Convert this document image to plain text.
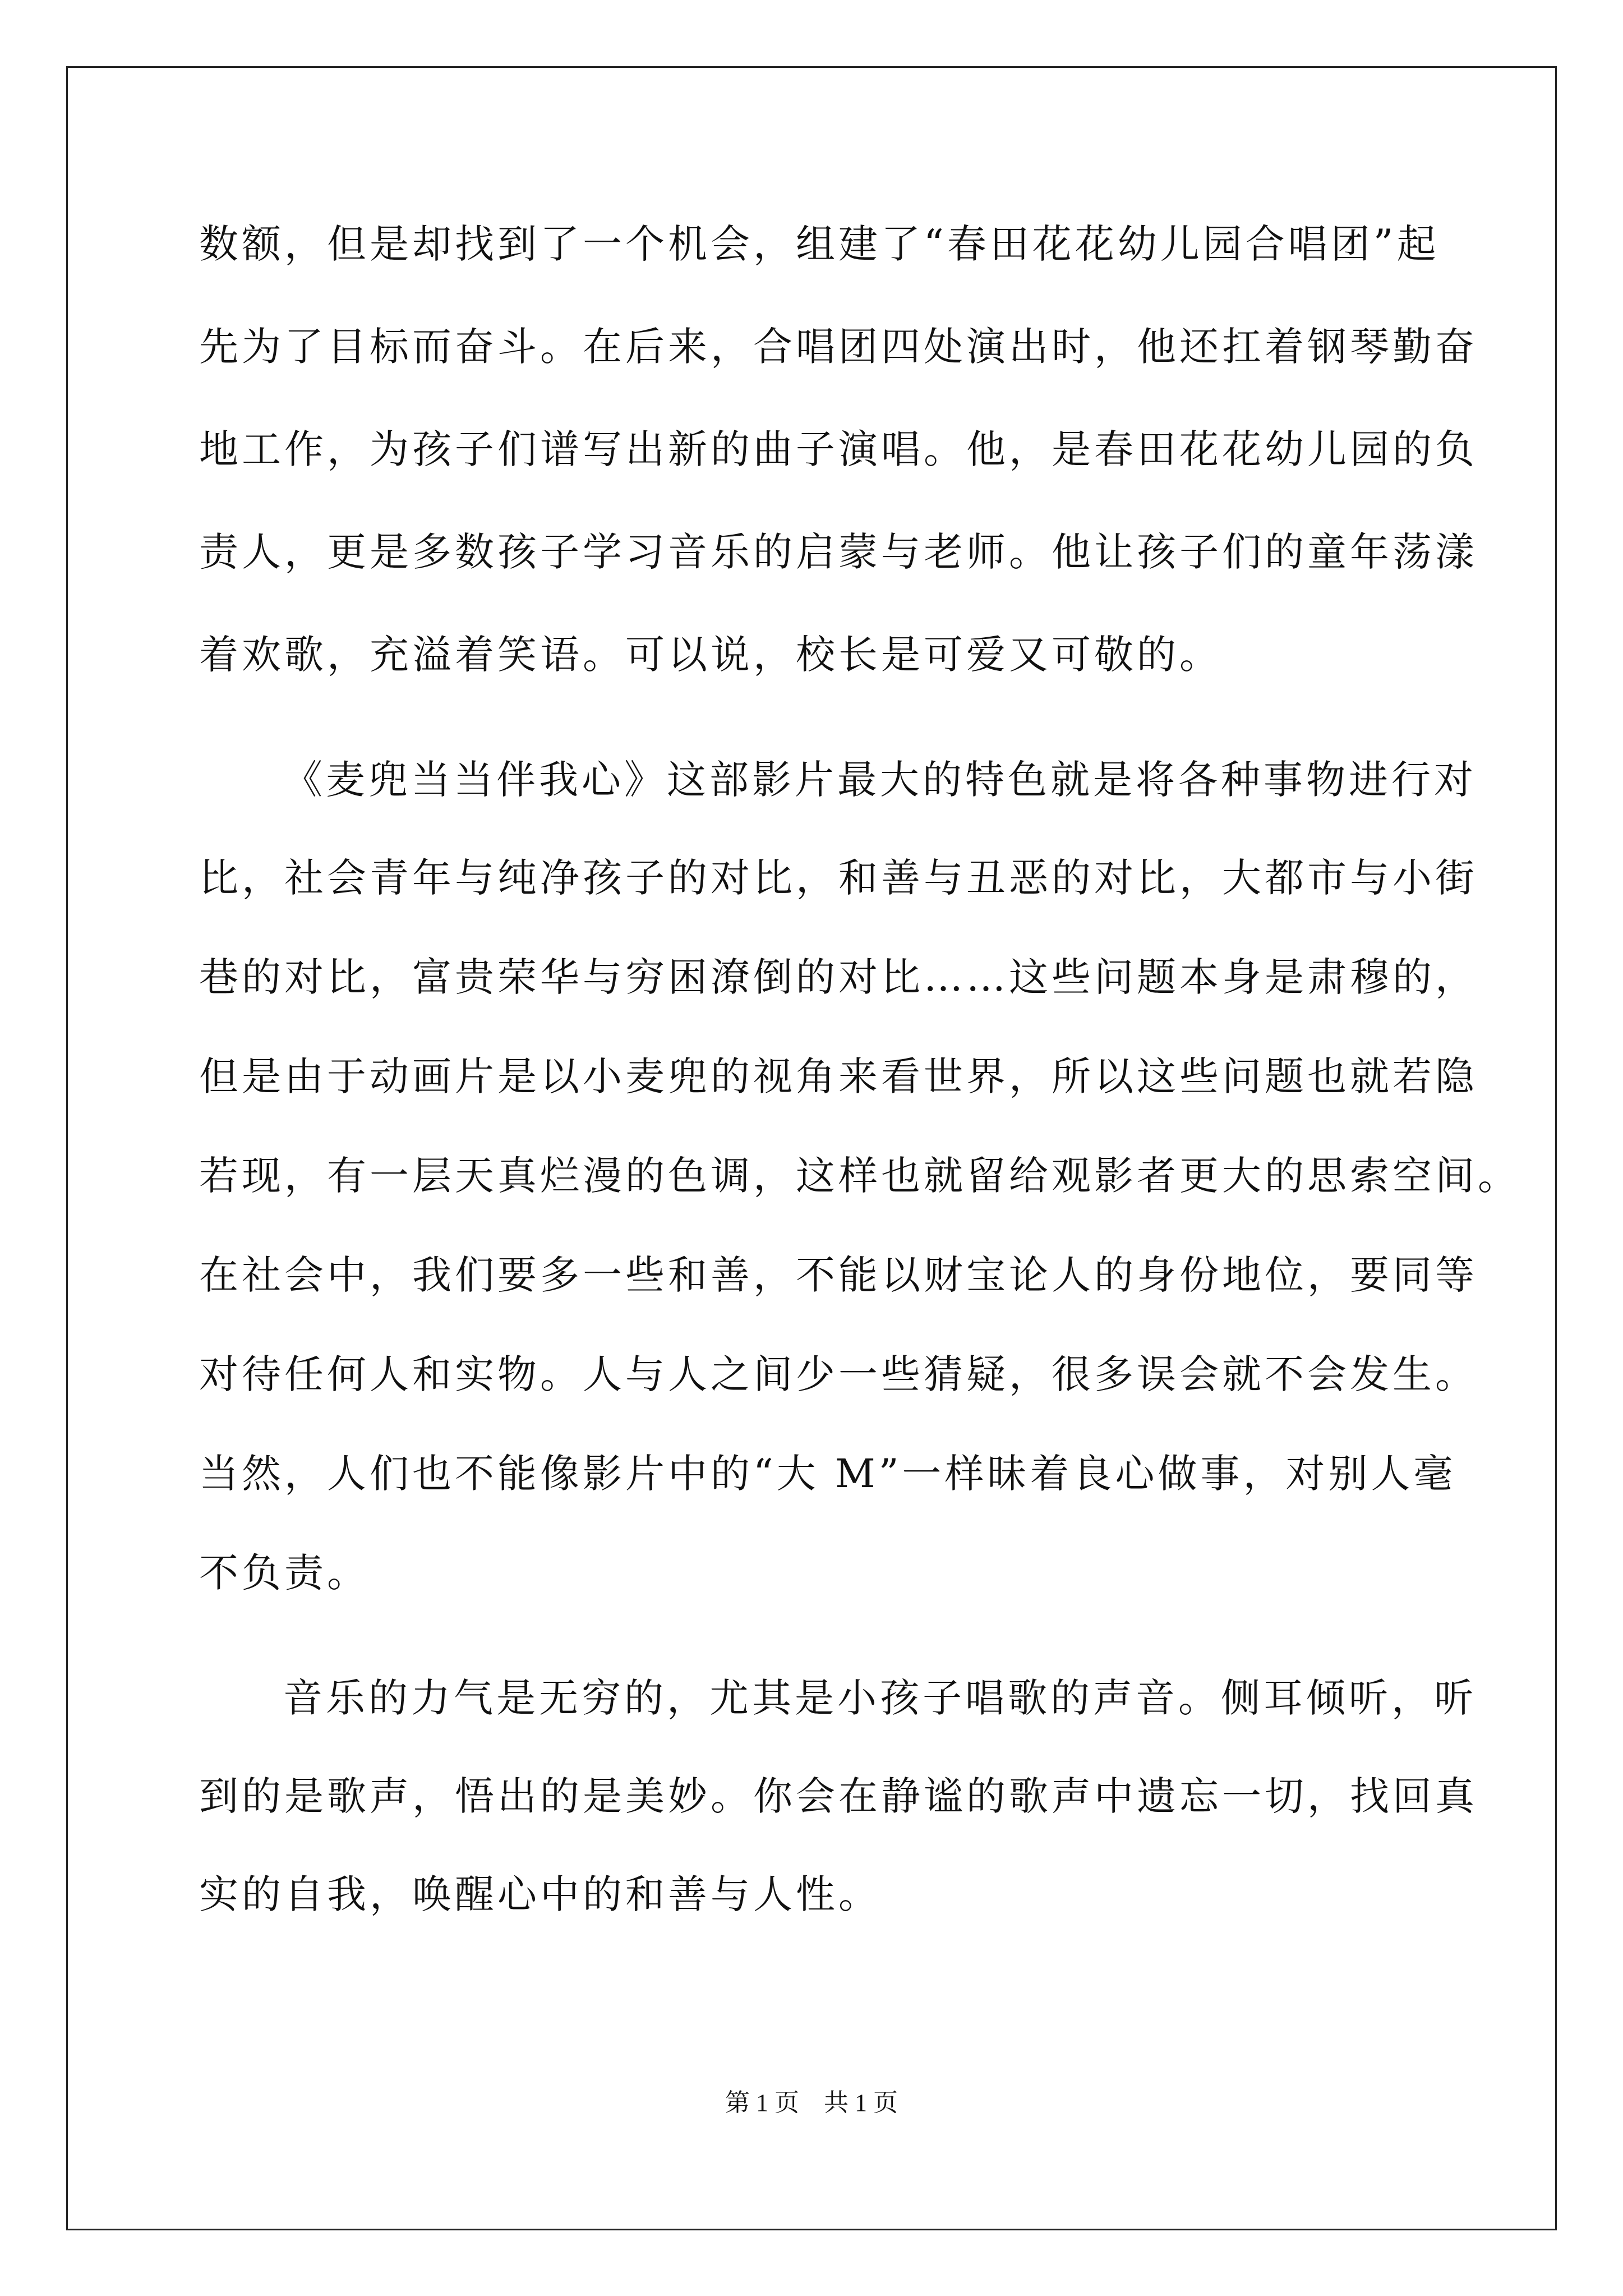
数额，但是却找到了一个机会，组建了“春田花花幼儿园合唱团”起
先为了目标而奋斗。在后来，合唱团四处演出时，他还扛着钢琴勤奋
地工作，为孩子们谱写出新的曲子演唱。他，是春田花花幼儿园的负
责人，更是多数孩子学习音乐的启蒙与老师。他让孩子们的童年荡漾
着欢歌，充溢着笑语。可以说，校长是可爱又可敬的。
《麦兜当当伴我心》这部影片最大的特色就是将各种事物进行对
比，社会青年与纯净孩子的对比，和善与丑恶的对比，大都市与小街
巷的对比，富贵荣华与穷困潦倒的对比……这些问题本身是肃穆的，
但是由于动画片是以小麦兜的视角来看世界，所以这些问题也就若隐
若现，有一层天真烂漫的色调，这样也就留给观影者更大的思索空间。
在社会中，我们要多一些和善，不能以财宝论人的身份地位，要同等
对待任何人和实物。人与人之间少一些猜疑，很多误会就不会发生。
当然，人们也不能像影片中的“大 M”一样昧着良心做事，对别人毫
不负责。
音乐的力气是无穷的，尤其是小孩子唱歌的声音。侧耳倾听，听
到的是歌声，悟出的是美妙。你会在静谧的歌声中遗忘一切，找回真
实的自我，唤醒心中的和善与人性。
第 1 页　共 1 页
